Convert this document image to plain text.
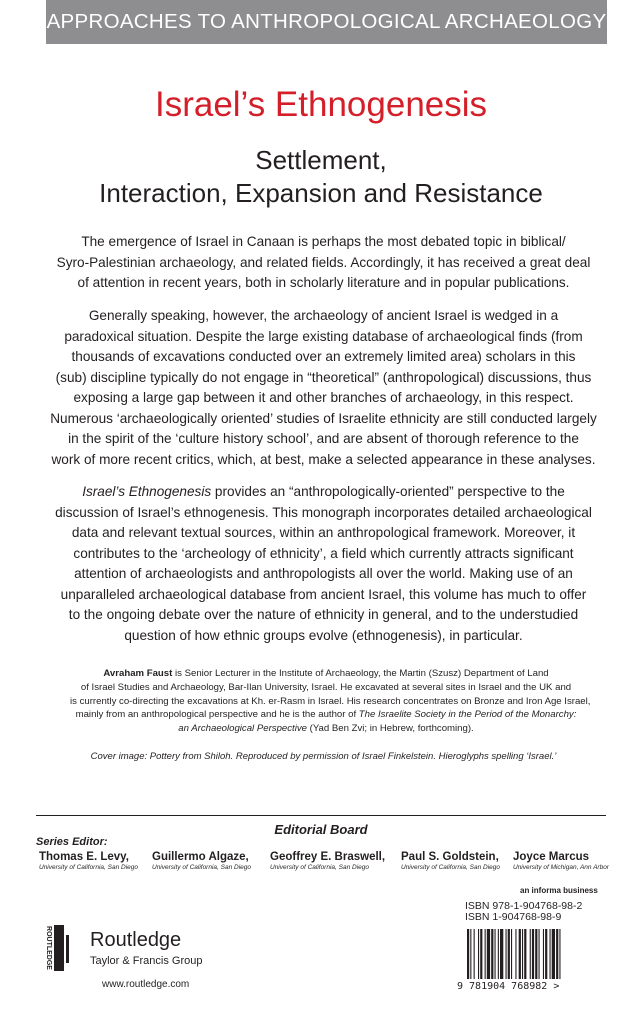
APPROACHES TO ANTHROPOLOGICAL ARCHAEOLOGY
Israel’s Ethnogenesis
Settlement,
Interaction, Expansion and Resistance
The emergence of Israel in Canaan is perhaps the most debated topic in biblical/
Syro-Palestinian archaeology, and related fields. Accordingly, it has received a great deal
of attention in recent years, both in scholarly literature and in popular publications.
Generally speaking, however, the archaeology of ancient Israel is wedged in a
paradoxical situation. Despite the large existing database of archaeological finds (from
thousands of excavations conducted over an extremely limited area) scholars in this
(sub) discipline typically do not engage in “theoretical” (anthropological) discussions, thus
exposing a large gap between it and other branches of archaeology, in this respect.
Numerous ‘archaeologically oriented’ studies of Israelite ethnicity are still conducted largely
in the spirit of the ‘culture history school’, and are absent of thorough reference to the
work of more recent critics, which, at best, make a selected appearance in these analyses.
Israel’s Ethnogenesis provides an “anthropologically-oriented” perspective to the
discussion of Israel’s ethnogenesis. This monograph incorporates detailed archaeological
data and relevant textual sources, within an anthropological framework. Moreover, it
contributes to the ‘archeology of ethnicity’, a field which currently attracts significant
attention of archaeologists and anthropologists all over the world. Making use of an
unparalleled archaeological database from ancient Israel, this volume has much to offer
to the ongoing debate over the nature of ethnicity in general, and to the understudied
question of how ethnic groups evolve (ethnogenesis), in particular.
Avraham Faust is Senior Lecturer in the Institute of Archaeology, the Martin (Szusz) Department of Land
of Israel Studies and Archaeology, Bar-Ilan University, Israel. He excavated at several sites in Israel and the UK and
is currently co-directing the excavations at Kh. er-Rasm in Israel. His research concentrates on Bronze and Iron Age Israel,
mainly from an anthropological perspective and he is the author of The Israelite Society in the Period of the Monarchy:
an Archaeological Perspective (Yad Ben Zvi; in Hebrew, forthcoming).
Cover image: Pottery from Shiloh. Reproduced by permission of Israel Finkelstein. Hieroglyphs spelling ‘Israel.’
Editorial Board
Series Editor:
Thomas E. Levy,
University of California, San Diego
Guillermo Algaze,
University of California, San Diego
Geoffrey E. Braswell,
University of California, San Diego
Paul S. Goldstein,
University of California, San Diego
Joyce Marcus
University of Michigan, Ann Arbor
an informa business
ISBN 978-1-904768-98-2
ISBN 1-904768-98-9
9 781904 768982 >
ROUTLEDGE Routledge
Taylor & Francis Group
www.routledge.com
